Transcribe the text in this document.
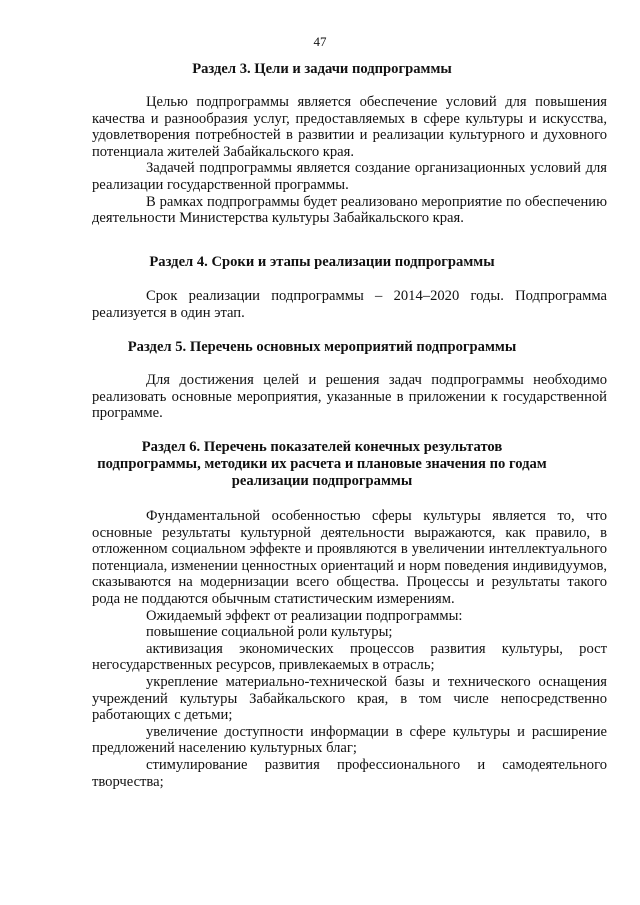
47
Раздел 3. Цели и задачи подпрограммы

Целью подпрограммы является обеспечение условий для повышения качества и разнообразия услуг, предоставляемых в сфере культуры и искусства, удовлетворения потребностей в развитии и реализации культурного и духовного потенциала жителей Забайкальского края.

Задачей подпрограммы является создание организационных условий для реализации государственной программы.

В рамках подпрограммы будет реализовано мероприятие по обеспечению деятельности Министерства культуры Забайкальского края.

Раздел 4. Сроки и этапы реализации подпрограммы

Срок реализации подпрограммы – 2014–2020 годы. Подпрограмма реализуется в один этап.

Раздел 5. Перечень основных мероприятий подпрограммы

Для достижения целей и решения задач подпрограммы необходимо реализовать основные мероприятия, указанные в приложении к государственной программе.

Раздел 6. Перечень показателей конечных результатов
подпрограммы, методики их расчета и плановые значения по годам
реализации подпрограммы

Фундаментальной особенностью сферы культуры является то, что основные результаты культурной деятельности выражаются, как правило, в отложенном социальном эффекте и проявляются в увеличении интеллектуального потенциала, изменении ценностных ориентаций и норм поведения индивидуумов, сказываются на модернизации всего общества. Процессы и результаты такого рода не поддаются обычным статистическим измерениям.

Ожидаемый эффект от реализации подпрограммы:

повышение социальной роли культуры;

активизация экономических процессов развития культуры, рост негосударственных ресурсов, привлекаемых в отрасль;

укрепление материально-технической базы и технического оснащения учреждений культуры Забайкальского края, в том числе непосредственно работающих с детьми;

увеличение доступности информации в сфере культуры и расширение предложений населению культурных благ;

стимулирование развития профессионального и самодеятельного творчества;
